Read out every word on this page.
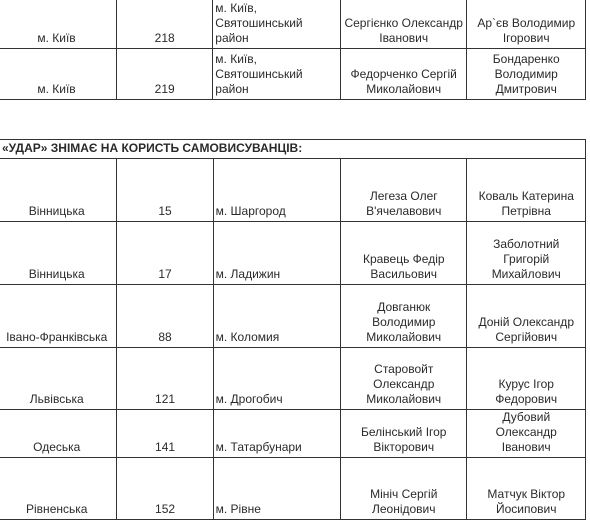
м. Київ	218	м. Київ, Святошинський район	Сергієнко Олександр Іванович	Ар`єв Володимир Ігорович
м. Київ	219	м. Київ, Святошинський район	Федорченко Сергій Миколайович	Бондаренко Володимир Дмитрович
«УДАР» ЗНІМАЄ НА КОРИСТЬ САМОВИСУВАНЦІВ:				
Вінницька	15	м. Шаргород	Легеза Олег В'ячелавович	Коваль Катерина Петрівна
Вінницька	17	м. Ладижин	Кравець Федір Васильович	Заболотний Григорій Михайлович
Івано-Франківська	88	м. Коломия	Довганюк Володимир Миколайович	Доній Олександр Сергійович
Львівська	121	м. Дрогобич	Старовойт Олександр Миколайович	Курус Ігор Федорович
Одеська	141	м. Татарбунари	Белінський Ігор Вікторович	Дубовий Олександр Іванович
Рівненська	152	м. Рівне	Мініч Сергій Леонідович	Матчук Віктор Йосипович
